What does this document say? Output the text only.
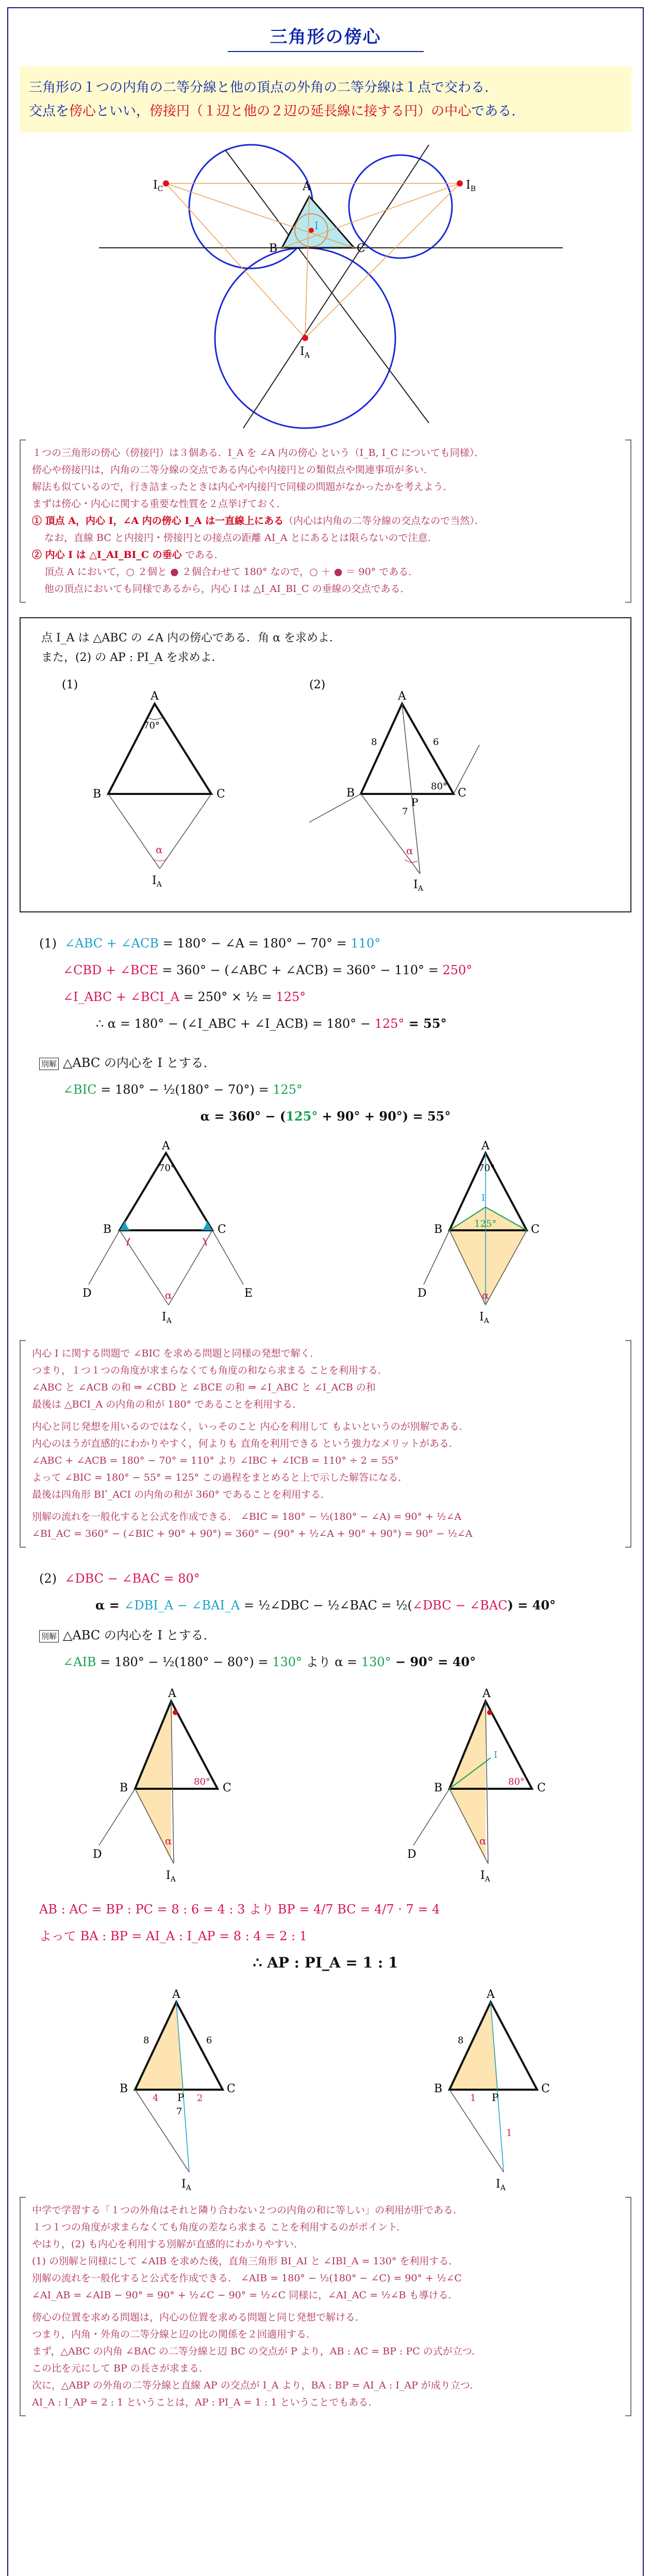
三角形の傍心
三角形の１つの内角の二等分線と他の頂点の外角の二等分線は１点で交わる.
交点を傍心といい，傍接円（１辺と他の２辺の延長線に接する円）の中心である.
A
B	C
I
$I_C$	$I_B$
$I_A$
１つの三角形の傍心（傍接円）は３個ある．I_A を ∠A 内の傍心 という（I_B, I_C についても同様）．
傍心や傍接円は，内角の二等分線の交点である内心や内接円との類似点や関連事項が多い．
解法も似ているので，行き詰まったときは内心や内接円で同様の問題がなかったかを考えよう．
まずは傍心・内心に関する重要な性質を２点挙げておく．
① 頂点 A，内心 I，∠A 内の傍心 I_A は一直線上にある（内心は内角の二等分線の交点なので当然）．
なお，直線 BC と内接円・傍接円との接点の距離 AI_A とにあるとは限らないので注意．
② 内心 I は △I_AI_BI_C の垂心 である．
頂点 A において，○ ２個と ● ２個合わせて 180° なので，○ ＋ ● ＝ 90° である．
他の頂点においても同様であるから，内心 I は △I_AI_BI_C の垂線の交点である．
点 I_A は △ABC の ∠A 内の傍心である．角 α を求めよ．
また，(2) の AP : PI_A を求めよ．
(1)	(2)
A
B	C
70°
α
$I_A$
A
B	C
P
8	6
7
80°
α
$I_A$
(1) ∠ABC + ∠ACB = 180° − ∠A = 180° − 70° = 110°
∠CBD + ∠BCE = 360° − (∠ABC + ∠ACB) = 360° − 110° = 250°
∠I_ABC + ∠BCI_A = 250° × ½ = 125°
∴ α = 180° − (∠I_ABC + ∠I_ACB) = 180° − 125° = 55°
別解 △ABC の内心を I とする．
∠BIC = 180° − ½(180° − 70°) = 125°
α = 360° − (125° + 90° + 90°) = 55°
A
70°
B	C
D	E
α
$I_A$
A
70°
I
125°
B	C
D	α
$I_A$
内心 I に関する問題で ∠BIC を求める問題と同様の発想で解く．
つまり，１つ１つの角度が求まらなくても角度の和なら求まる ことを利用する．
∠ABC と ∠ACB の和 ⇒ ∠CBD と ∠BCE の和 ⇒ ∠I_ABC と ∠I_ACB の和
最後は △BCI_A の内角の和が 180° であることを利用する．
内心と同じ発想を用いるのではなく，いっそのこと 内心を利用して もよいというのが別解である．
内心のほうが直感的にわかりやすく，何よりも 直角を利用できる という強力なメリットがある．
∠ABC + ∠ACB = 180° − 70° = 110° より ∠IBC + ∠ICB = 110° ÷ 2 = 55°
よって ∠BIC = 180° − 55° = 125° この過程をまとめると上で示した解答になる．
最後は四角形 BIʹ_ACI の内角の和が 360° であることを利用する．
別解の流れを一般化すると公式を作成できる． ∠BIC = 180° − ½(180° − ∠A) = 90° + ½∠A
∠BI_AC = 360° − (∠BIC + 90° + 90°) = 360° − (90° + ½∠A + 90° + 90°) = 90° − ½∠A
(2) ∠DBC − ∠BAC = 80°
α = ∠DBI_A − ∠BAI_A = ½∠DBC − ½∠BAC = ½(∠DBC − ∠BAC) = 40°
別解 △ABC の内心を I とする．
∠AIB = 180° − ½(180° − 80°) = 130° より α = 130° − 90° = 40°
A
B	C
80°
D
α
$I_A$
A
I
B	C
80°
D
α
$I_A$
AB : AC = BP : PC = 8 : 6 = 4 : 3 より BP = 4/7 BC = 4/7 · 7 = 4
よって BA : BP = AI_A : I_AP = 8 : 4 = 2 : 1
∴ AP : PI_A = 1 : 1
A
B	C
P
8	6
7
4	2
$I_A$
A
B	C
P
8
1
1
$I_A$
中学で学習する「１つの外角はそれと隣り合わない２つの内角の和に等しい」の利用が肝である．
１つ１つの角度が求まらなくても角度の差なら求まる ことを利用するのがポイント．
やはり，(2) も内心を利用する別解が直感的にわかりやすい．
(1) の別解と同様にして ∠AIB を求めた後，直角三角形 BI_AI と ∠IBI_A = 130° を利用する．
別解の流れを一般化すると公式を作成できる． ∠AIB = 180° − ½(180° − ∠C) = 90° + ½∠C
∠AI_AB = ∠AIB − 90° = 90° + ½∠C − 90° = ½∠C 同様に，∠AI_AC = ½∠B も導ける．
傍心の位置を求める問題は，内心の位置を求める問題と同じ発想で解ける．
つまり，内角・外角の二等分線と辺の比の関係を２回適用する．
まず，△ABC の内角 ∠BAC の二等分線と辺 BC の交点が P より，AB : AC = BP : PC の式が立つ．
この比を元にして BP の長さが求まる．
次に，△ABP の外角の二等分線と直線 AP の交点が I_A より，BA : BP = AI_A : I_AP が成り立つ．
AI_A : I_AP = 2 : 1 ということは，AP : PI_A = 1 : 1 ということでもある．
